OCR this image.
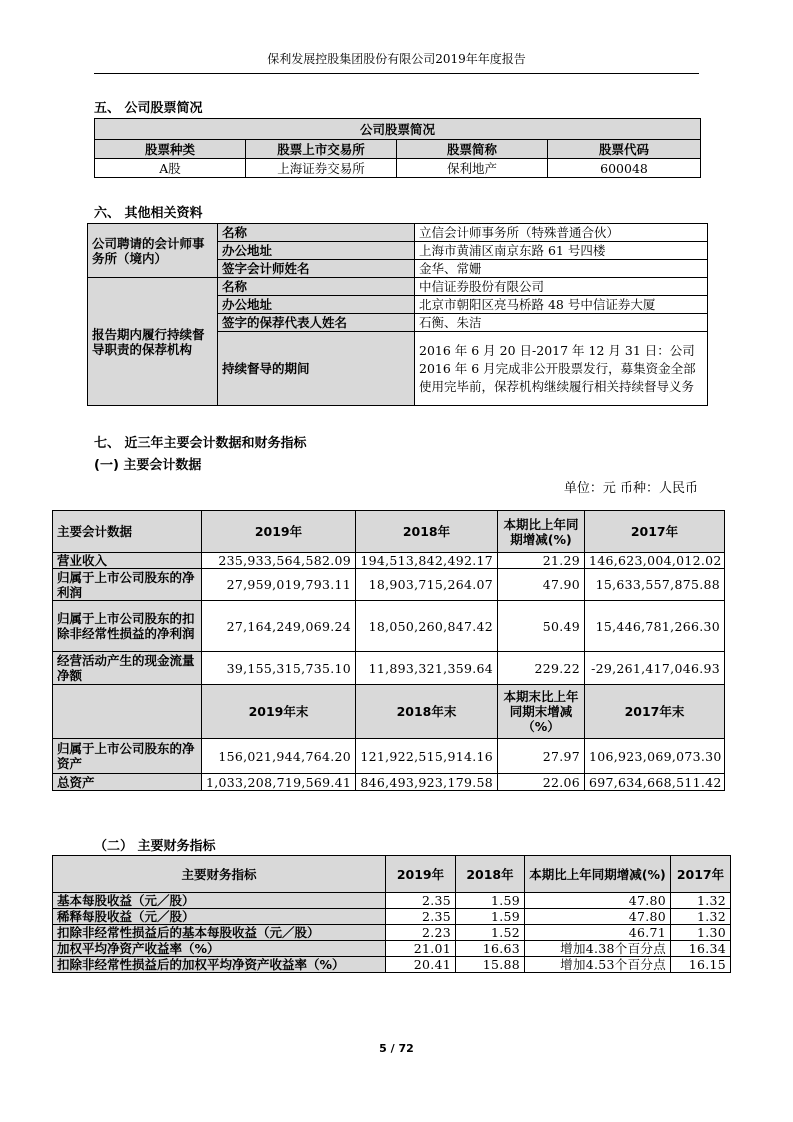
保利发展控股集团股份有限公司2019年年度报告
五、 公司股票简况
公司股票简况			
股票种类	股票上市交易所	股票简称	股票代码
A股	上海证券交易所	保利地产	600048
六、 其他相关资料
公司聘请的会计师事务所（境内）	名称	立信会计师事务所（特殊普通合伙）
	办公地址	上海市黄浦区南京东路 61 号四楼
	签字会计师姓名	金华、常姗
报告期内履行持续督导职责的保荐机构	名称	中信证券股份有限公司
	办公地址	北京市朝阳区亮马桥路 48 号中信证券大厦
	签字的保荐代表人姓名	石衡、朱洁
	持续督导的期间	2016 年 6 月 20 日-2017 年 12 月 31 日：公司 2016 年 6 月完成非公开股票发行，募集资金全部使用完毕前，保荐机构继续履行相关持续督导义务
七、 近三年主要会计数据和财务指标
(一) 主要会计数据
单位：元 币种：人民币
主要会计数据	2019年	2018年	本期比上年同期增减(%)	2017年
营业收入	235,933,564,582.09	194,513,842,492.17	21.29	146,623,004,012.02
归属于上市公司股东的净利润	27,959,019,793.11	18,903,715,264.07	47.90	15,633,557,875.88
归属于上市公司股东的扣除非经常性损益的净利润	27,164,249,069.24	18,050,260,847.42	50.49	15,446,781,266.30
经营活动产生的现金流量净额	39,155,315,735.10	11,893,321,359.64	229.22	-29,261,417,046.93
	2019年末	2018年末	本期末比上年同期末增减（%）	2017年末
归属于上市公司股东的净资产	156,021,944,764.20	121,922,515,914.16	27.97	106,923,069,073.30
总资产	1,033,208,719,569.41	846,493,923,179.58	22.06	697,634,668,511.42
（二） 主要财务指标
主要财务指标	2019年	2018年	本期比上年同期增减(%)	2017年
基本每股收益（元／股）	2.35	1.59	47.80	1.32
稀释每股收益（元／股）	2.35	1.59	47.80	1.32
扣除非经常性损益后的基本每股收益（元／股）	2.23	1.52	46.71	1.30
加权平均净资产收益率（%）	21.01	16.63	增加4.38个百分点	16.34
扣除非经常性损益后的加权平均净资产收益率（%）	20.41	15.88	增加4.53个百分点	16.15
5 / 72
